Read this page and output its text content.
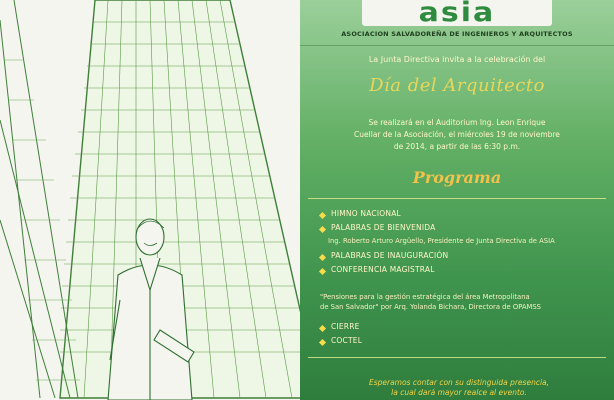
asia
ASOCIACION SALVADOREÑA DE INGENIEROS Y ARQUITECTOS
La Junta Directiva invita a la celebración del
Día del Arquitecto
Se realizará en el Auditorium Ing. Leon Enrique
Cuellar de la Asociación, el miércoles 19 de noviembre
de 2014, a partir de las 6:30 p.m.
Programa
HIMNO NACIONAL
PALABRAS DE BIENVENIDA
Ing. Roberto Arturo Argüello, Presidente de Junta Directiva de ASIA
PALABRAS DE INAUGURACIÓN
CONFERENCIA MAGISTRAL
"Pensiones para la gestión estratégica del área Metropolitana
de San Salvador" por Arq. Yolanda Bichara, Directora de OPAMSS
CIERRE
COCTEL
Esperamos contar con su distinguida presencia,
la cual dará mayor realce al evento.
